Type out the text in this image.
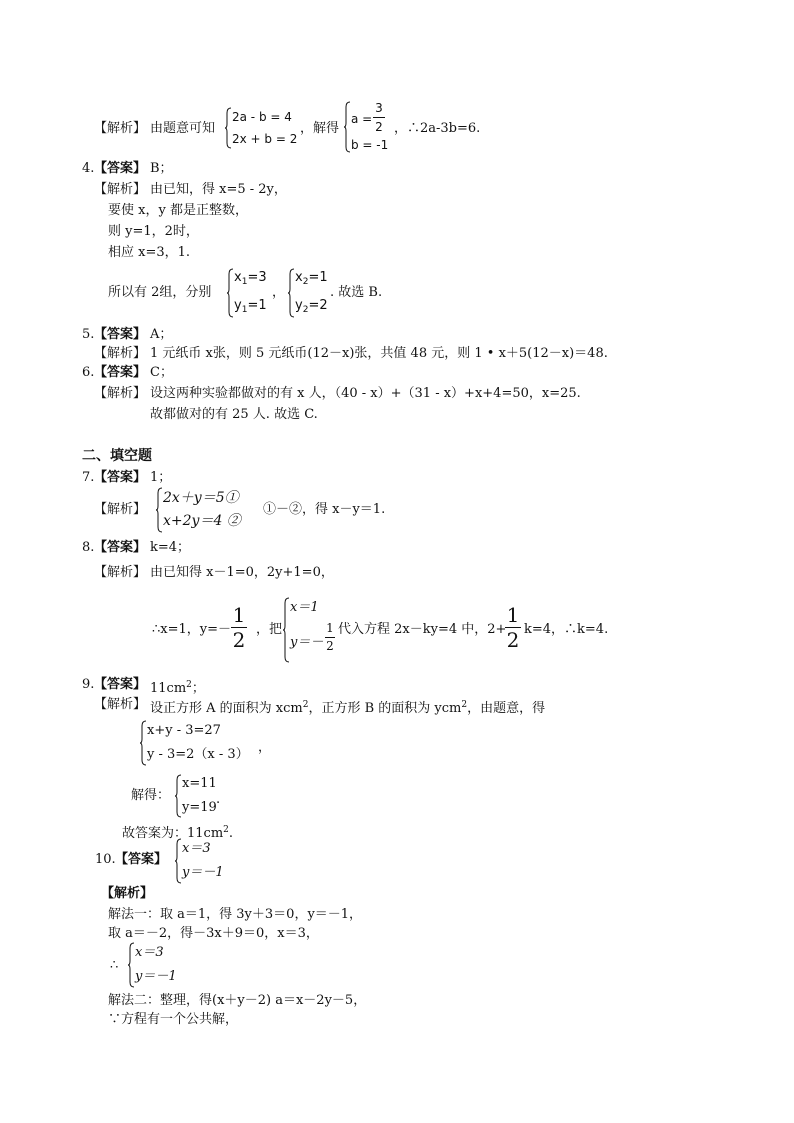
【解析】 由题意可知
2a - b = 4
2x + b = 2
，解得
a =
3
2
b = -1
，∴2a-3b=6.
4. 【答案】 B；
【解析】 由已知，得 x=5 - 2y，
要使 x，y 都是正整数，
则 y=1，2时，
相应 x=3，1.
所以有 2组，分别
$x_1=3$
$y_1=1$
，
$x_2=1$
$y_2=2$
. 故选 B.
5. 【答案】 A；
【解析】 1 元纸币 x张，则 5 元纸币(12－x)张，共值 48 元，则 1 • x＋5(12－x)＝48.
6. 【答案】 C；
【解析】 设这两种实验都做对的有 x 人，（40 - x）+（31 - x）+x+4=50，x=25.
故都做对的有 25 人. 故选 C.
二、填空题
7. 【答案】 1；
【解析】
2x＋y＝5①
x+2y＝4 ②
①－②，得 x－y＝1.
8. 【答案】 k=4；
【解析】 由已知得 x－1=0，2y+1=0，
∴x=1，y=－
1
2 ，把
x＝1
y＝－
1
2
代入方程 2x－ky=4 中，2+
1
2 k=4，∴k=4.
9. 【答案】 $11cm^2$；
【解析】 设正方形 A 的面积为 xcm$^2$，正方形 B 的面积为 ycm$^2$，由题意，得
x+y - 3=27
y - 3=2（x - 3） ，
解得：
x=11
y=19
.
故答案为：$11cm^2$.
10. 【答案】
x＝3
y＝－1
【解析】
解法一：取 a＝1，得 3y＋3＝0，y＝－1，
取 a＝－2，得－3x＋9＝0，x＝3，
∴
x＝3
y＝－1
解法二：整理，得(x＋y－2) a＝x－2y－5，
∵方程有一个公共解，
